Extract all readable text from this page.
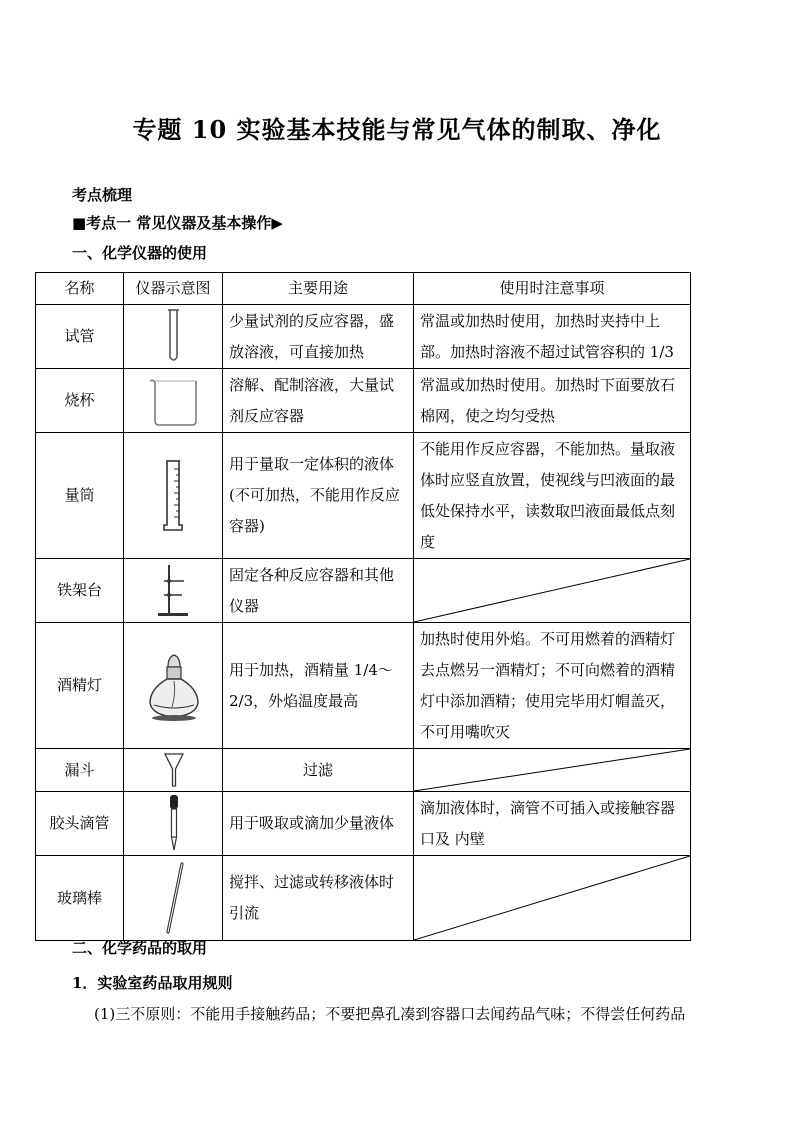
专题 10 实验基本技能与常见气体的制取、净化
考点梳理
■考点一 常见仪器及基本操作▶
一、化学仪器的使用
名称	仪器示意图	主要用途	使用时注意事项
试管		少量试剂的反应容器，盛放溶液，可直接加热	常温或加热时使用，加热时夹持中上部。加热时溶液不超过试管容积的 1/3
烧杯		溶解、配制溶液，大量试剂反应容器	常温或加热时使用。加热时下面要放石棉网，使之均匀受热
量筒		用于量取一定体积的液体(不可加热，不能用作反应容器)	不能用作反应容器，不能加热。量取液体时应竖直放置，使视线与凹液面的最低处保持水平，读数取凹液面最低点刻度
铁架台		固定各种反应容器和其他仪器	

酒精灯		用于加热，酒精量 1/4～2/3，外焰温度最高	加热时使用外焰。不可用燃着的酒精灯去点燃另一酒精灯；不可向燃着的酒精灯中添加酒精；使用完毕用灯帽盖灭，不可用嘴吹灭
漏斗		过滤	

胶头滴管		用于吸取或滴加少量液体	滴加液体时，滴管不可插入或接触容器口及 内壁
玻璃棒		搅拌、过滤或转移液体时引流	
二、化学药品的取用
1．实验室药品取用规则
(1)三不原则：不能用手接触药品；不要把鼻孔凑到容器口去闻药品气味；不得尝任何药品
